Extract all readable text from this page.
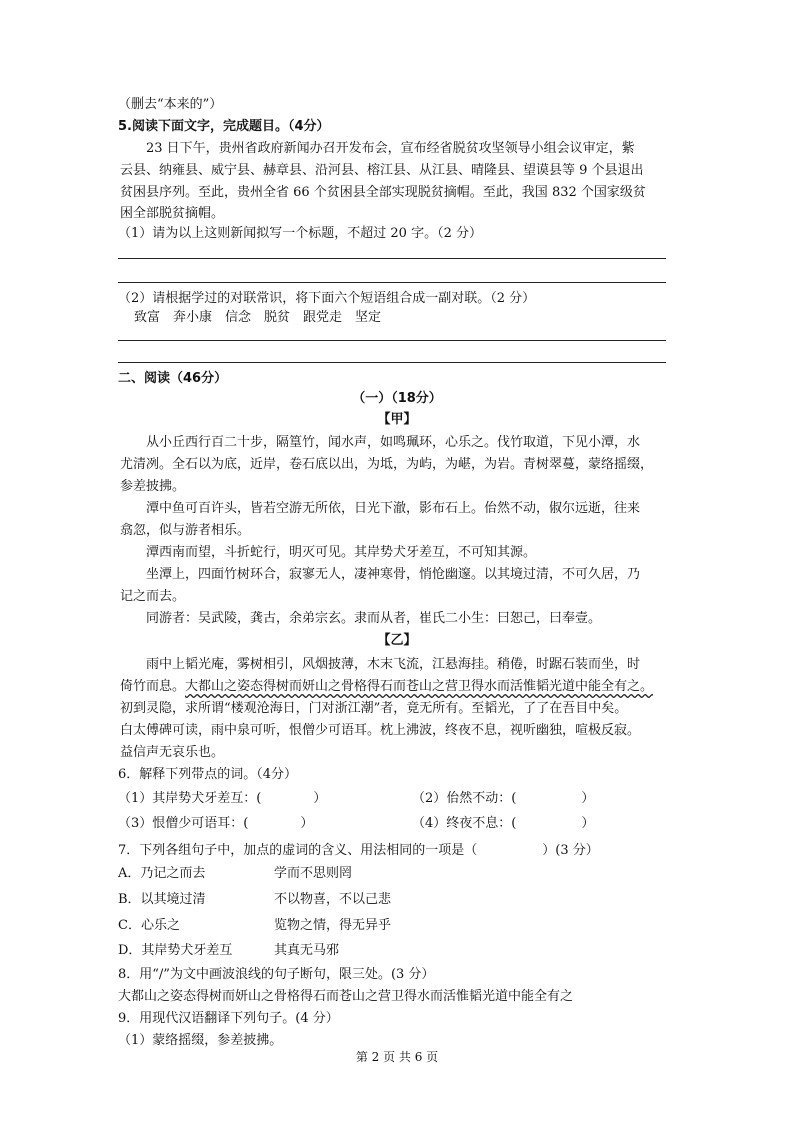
（删去“本来的”）
5.阅读下面文字，完成题目。（4分）
23 日下午，贵州省政府新闻办召开发布会，宣布经省脱贫攻坚领导小组会议审定，紫
云县、纳雍县、威宁县、赫章县、沿河县、榕江县、从江县、晴隆县、望谟县等 9 个县退出
贫困县序列。至此，贵州全省 66 个贫困县全部实现脱贫摘帽。至此，我国 832 个国家级贫
困全部脱贫摘帽。
（1）请为以上这则新闻拟写一个标题，不超过 20 字。（2 分）
（2）请根据学过的对联常识，将下面六个短语组合成一副对联。（2 分）
致富　奔小康　信念　脱贫　跟党走　坚定
二、阅读（46分）
（一）（18分）
【甲】
从小丘西行百二十步，隔篁竹，闻水声，如鸣珮环，心乐之。伐竹取道，下见小潭，水
尤清冽。全石以为底，近岸，卷石底以出，为坻，为屿，为嵁，为岩。青树翠蔓，蒙络摇缀，
参差披拂。
潭中鱼可百许头，皆若空游无所依，日光下澈，影布石上。佁然不动，俶尔远逝，往来
翕忽，似与游者相乐。
潭西南而望，斗折蛇行，明灭可见。其岸势犬牙差互，不可知其源。
坐潭上，四面竹树环合，寂寥无人，凄神寒骨，悄怆幽邃。以其境过清，不可久居，乃
记之而去。
同游者：吴武陵，龚古，余弟宗玄。隶而从者，崔氏二小生：曰恕己，曰奉壹。
【乙】
雨中上韬光庵，雾树相引，风烟披薄，木末飞流，江悬海挂。稍倦，时踞石装而坐，时
倚竹而息。 大都山之姿态得树而妍山之骨格得石而苍山之营卫得水而活惟韬光道中能全有之。
初到灵隐，求所谓“楼观沧海日，门对浙江潮”者，竟无所有。至韬光，了了在吾目中矣。
白太傅碑可读，雨中泉可听，恨僧少可语耳。枕上沸波，终夜不息，视听幽独，喧极反寂。
益信声无哀乐也。
6．解释下列带点的词。（4分）
（1）其岸势犬牙差互：(　　　　）	（2）佁然不动：(　　　　　）
（3）恨僧少可语耳：(　　　　）	（4）终夜不息：(　　　　　）
7．下列各组句子中，加点的虚词的含义、用法相同的一项是（　　　　　）(3 分）
A．乃记之而去	学而不思则罔
B．以其境过清	不以物喜，不以己悲
C．心乐之	览物之情，得无异乎
D．其岸势犬牙差互	其真无马邪
8．用“/”为文中画波浪线的句子断句，限三处。(3 分）
大都山之姿态得树而妍山之骨格得石而苍山之营卫得水而活惟韬光道中能全有之
9．用现代汉语翻译下列句子。(4 分）
（1）蒙络摇缀，参差披拂。
第 2 页 共 6 页
